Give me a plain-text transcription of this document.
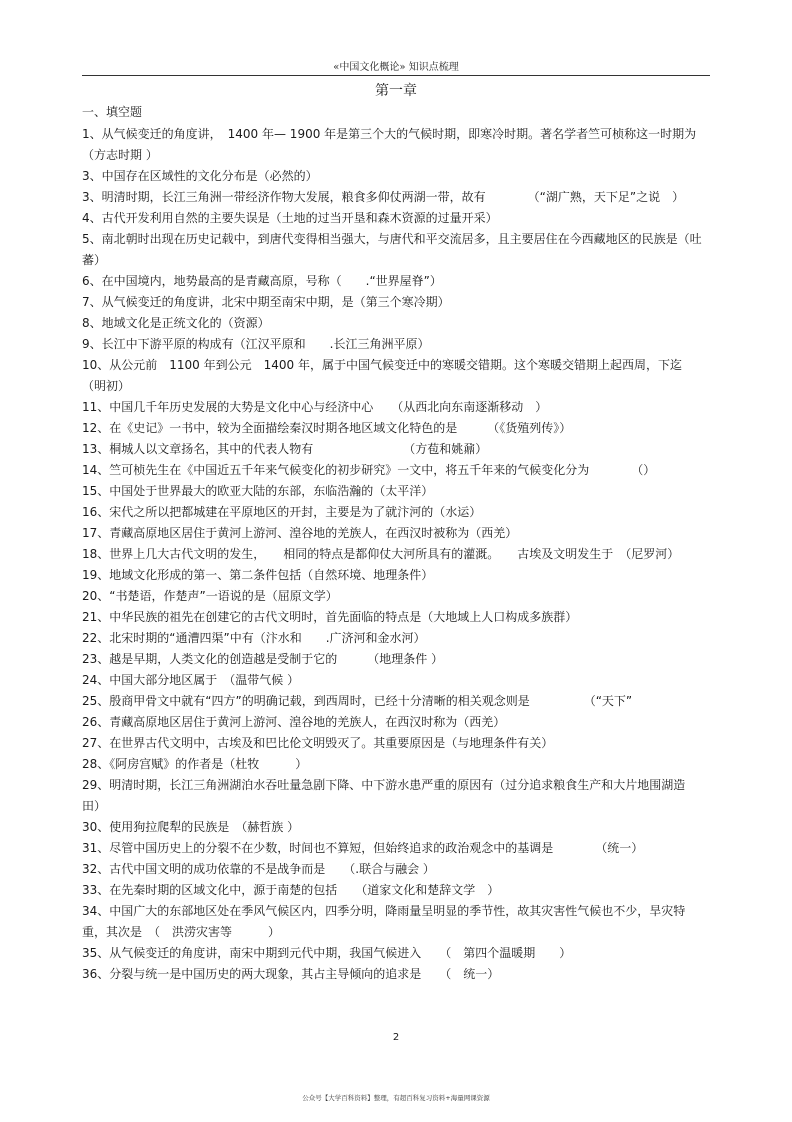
«中国文化概论» 知识点梳理
第一章
一、填空题

1、从气候变迁的角度讲，　1400 年— 1900 年是第三个大的气候时期，即寒冷时期。著名学者竺可桢称这一时期为（方志时期 ）

3、中国存在区域性的文化分布是（必然的）

3、明清时期，长江三角洲一带经济作物大发展，粮食多仰仗两湖一带，故有　　　　（“湖广熟，天下足”之说　）

4、古代开发利用自然的主要失误是（土地的过当开垦和森木资源的过量开采）

5、南北朝时出现在历史记载中，到唐代变得相当强大，与唐代和平交流居多，且主要居住在今西藏地区的民族是（吐蕃）

6、在中国境内，地势最高的是青藏高原，号称（　　.“世界屋脊”）

7、从气候变迁的角度讲，北宋中期至南宋中期，是（第三个寒冷期）

8、地域文化是正统文化的（资源）

9、长江中下游平原的构成有（江汉平原和　　.长江三角洲平原）

10、从公元前　1100 年到公元　1400 年，属于中国气候变迁中的寒暖交错期。这个寒暖交错期上起西周，下迄（明初）

11、中国几千年历史发展的大势是文化中心与经济中心　　（从西北向东南逐渐移动　）

12、在《史记》一书中，较为全面描绘秦汉时期各地区域文化特色的是　　　（《货殖列传》）

13、桐城人以文章扬名，其中的代表人物有　　　　　　　　（方苞和姚鼐）

14、竺可桢先生在《中国近五千年来气候变化的初步研究》一文中，将五千年来的气候变化分为　　　　（）

15、中国处于世界最大的欧亚大陆的东部，东临浩瀚的（太平洋）

16、宋代之所以把都城建在平原地区的开封，主要是为了就汴河的（水运）

17、青藏高原地区居住于黄河上游河、湟谷地的羌族人，在西汉时被称为（西羌）

18、世界上几大古代文明的发生，　　相同的特点是都仰仗大河所具有的灌溉。　　古埃及文明发生于　（尼罗河）

19、地域文化形成的第一、第二条件包括（自然环境、地理条件）

20、“书楚语，作楚声”一语说的是（屈原文学）

21、中华民族的祖先在创建它的古代文明时，首先面临的特点是（大地域上人口构成多族群）

22、北宋时期的“通漕四渠”中有（汴水和　　.广济河和金水河）

23、越是早期，人类文化的创造越是受制于它的　　　（地理条件 ）

24、中国大部分地区属于　（温带气候 ）

25、殷商甲骨文中就有“四方”的明确记载，到西周时，已经十分清晰的相关观念则是　　　　　（“天下”

26、青藏高原地区居住于黄河上游河、湟谷地的羌族人，在西汉时称为（西羌）

27、在世界古代文明中，古埃及和巴比伦文明毁灭了。其重要原因是（与地理条件有关）

28、《阿房宫赋》的作者是（杜牧　　　）

29、明清时期，长江三角洲湖泊水吞吐量急剧下降、中下游水患严重的原因有（过分追求粮食生产和大片地围湖造田）

30、使用狗拉爬犁的民族是　（赫哲族 ）

31、尽管中国历史上的分裂不在少数，时间也不算短，但始终追求的政治观念中的基调是　　　　（统一）

32、古代中国文明的成功依靠的不是战争而是　　（.联合与融会 ）

33、在先秦时期的区域文化中，源于南楚的包括　　（道家文化和楚辞文学　）

34、中国广大的东部地区处在季风气候区内，四季分明，降雨量呈明显的季节性，故其灾害性气候也不少，旱灾特重，其次是　（　洪涝灾害等　　　）

35、从气候变迁的角度讲，南宋中期到元代中期，我国气候进入　　（　第四个温暖期　　）

36、分裂与统一是中国历史的两大现象，其占主导倾向的追求是　　（　统一）

2
公众号【大学百科资料】整理，有超百科复习资料+海量网课资源
